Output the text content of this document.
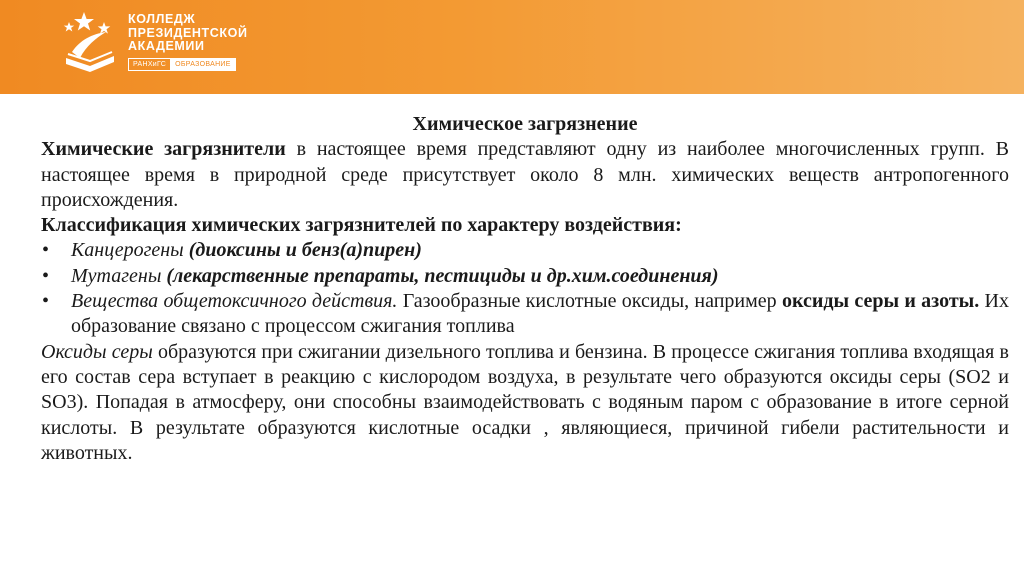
КОЛЛЕДЖ
ПРЕЗИДЕНТСКОЙ
АКАДЕМИИ
РАНХиГС	ОБРАЗОВАНИЕ
Химическое загрязнение
Химические загрязнители в настоящее время представляют одну из наиболее многочисленных групп. В настоящее время в природной среде присутствует около 8 млн. химических веществ антропогенного происхождения.
Классификация химических загрязнителей по характеру воздействия:
• Канцерогены (диоксины и бенз(а)пирен)
• Мутагены (лекарственные препараты, пестициды и др.хим.соединения)
• Вещества общетоксичного действия. Газообразные кислотные оксиды, например оксиды серы и азоты. Их образование связано с процессом сжигания топлива
Оксиды серы образуются при сжигании дизельного топлива и бензина. В процессе сжигания топлива входящая в его состав сера вступает в реакцию с кислородом воздуха, в результате чего образуются оксиды серы (SO2 и SO3). Попадая в атмосферу, они способны взаимодействовать с водяным паром с образование в итоге серной кислоты. В результате образуются кислотные осадки , являющиеся, причиной гибели растительности и животных.
